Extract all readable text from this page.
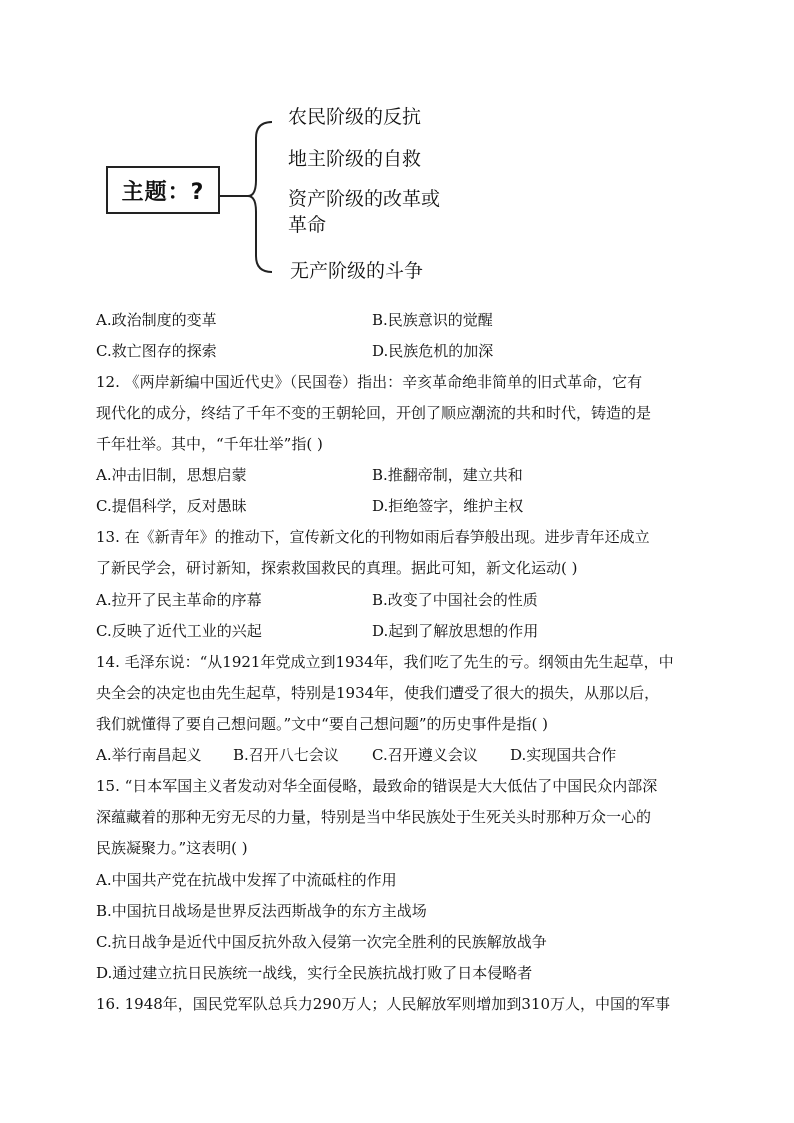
主题：?
农民阶级的反抗
地主阶级的自救
资产阶级的改革或革命
无产阶级的斗争
A.政治制度的变革	B.民族意识的觉醒
C.救亡图存的探索	D.民族危机的加深
12. 《两岸新编中国近代史》（民国卷）指出：辛亥革命绝非简单的旧式革命，它有
现代化的成分，终结了千年不变的王朝轮回，开创了顺应潮流的共和时代，铸造的是
千年壮举。其中，“千年壮举”指( )
A.冲击旧制，思想启蒙	B.推翻帝制，建立共和
C.提倡科学，反对愚昧	D.拒绝签字，维护主权
13. 在《新青年》的推动下，宣传新文化的刊物如雨后春笋般出现。进步青年还成立
了新民学会，研讨新知，探索救国救民的真理。据此可知，新文化运动( )
A.拉开了民主革命的序幕	B.改变了中国社会的性质
C.反映了近代工业的兴起	D.起到了解放思想的作用
14. 毛泽东说：“从1921年党成立到1934年，我们吃了先生的亏。纲领由先生起草，中
央全会的决定也由先生起草，特别是1934年，使我们遭受了很大的损失，从那以后，
我们就懂得了要自己想问题。”文中“要自己想问题”的历史事件是指( )
A.举行南昌起义 B.召开八七会议 C.召开遵义会议 D.实现国共合作
15. “日本军国主义者发动对华全面侵略，最致命的错误是大大低估了中国民众内部深
深蕴藏着的那种无穷无尽的力量，特别是当中华民族处于生死关头时那种万众一心的
民族凝聚力。”这表明( )
A.中国共产党在抗战中发挥了中流砥柱的作用
B.中国抗日战场是世界反法西斯战争的东方主战场
C.抗日战争是近代中国反抗外敌入侵第一次完全胜利的民族解放战争
D.通过建立抗日民族统一战线，实行全民族抗战打败了日本侵略者
16. 1948年，国民党军队总兵力290万人；人民解放军则增加到310万人，中国的军事
